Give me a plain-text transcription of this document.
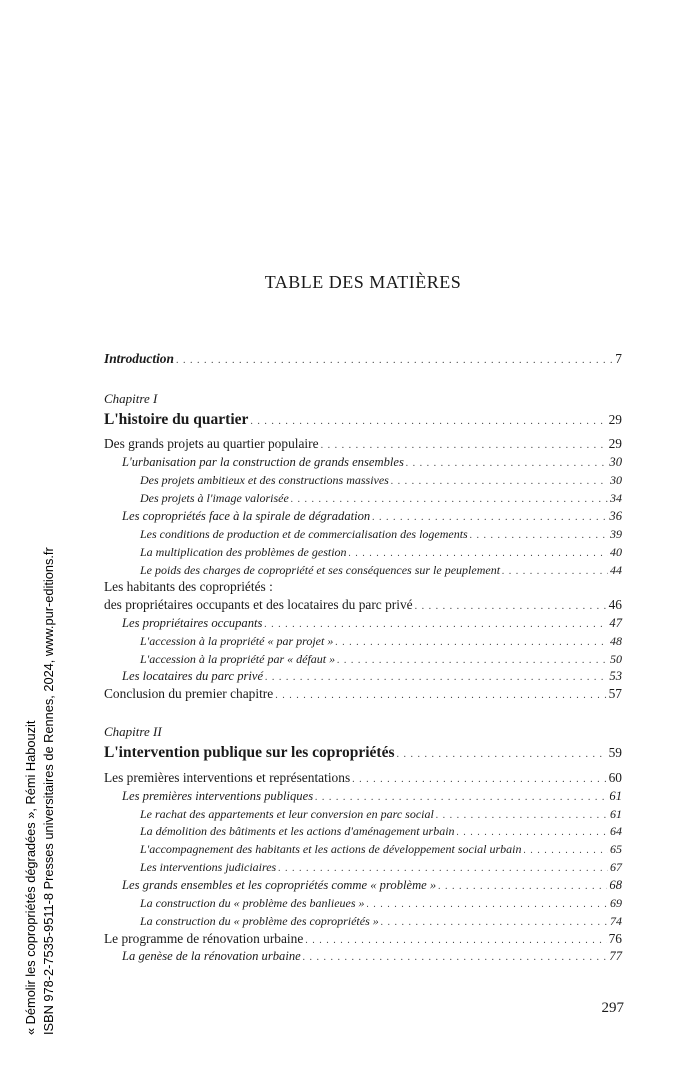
TABLE DES MATIÈRES
Introduction . . .	7
Chapitre I
L'histoire du quartier . . .	29
Des grands projets au quartier populaire . . .	29
L'urbanisation par la construction de grands ensembles . . .	30
Des projets ambitieux et des constructions massives . . .	30
Des projets à l'image valorisée . . .	34
Les copropriétés face à la spirale de dégradation . . .	36
Les conditions de production et de commercialisation des logements . . .	39
La multiplication des problèmes de gestion . . .	40
Le poids des charges de copropriété et ses conséquences sur le peuplement . . .	44
Les habitants des copropriétés :
des propriétaires occupants et des locataires du parc privé . . .	46
Les propriétaires occupants . . .	47
L'accession à la propriété « par projet » . . .	48
L'accession à la propriété par « défaut » . . .	50
Les locataires du parc privé . . .	53
Conclusion du premier chapitre . . .	57
Chapitre II
L'intervention publique sur les copropriétés . . .	59
Les premières interventions et représentations . . .	60
Les premières interventions publiques . . .	61
Le rachat des appartements et leur conversion en parc social . . .	61
La démolition des bâtiments et les actions d'aménagement urbain . . .	64
L'accompagnement des habitants et les actions de développement social urbain . . .	65
Les interventions judiciaires . . .	67
Les grands ensembles et les copropriétés comme « problème » . . .	68
La construction du « problème des banlieues » . . .	69
La construction du « problème des copropriétés » . . .	74
Le programme de rénovation urbaine . . .	76
La genèse de la rénovation urbaine . . .	77
297
« Démolir les copropriétés dégradées », Rémi Habouzit ISBN 978-2-7535-9511-8 Presses universitaires de Rennes, 2024, www.pur-editions.fr
